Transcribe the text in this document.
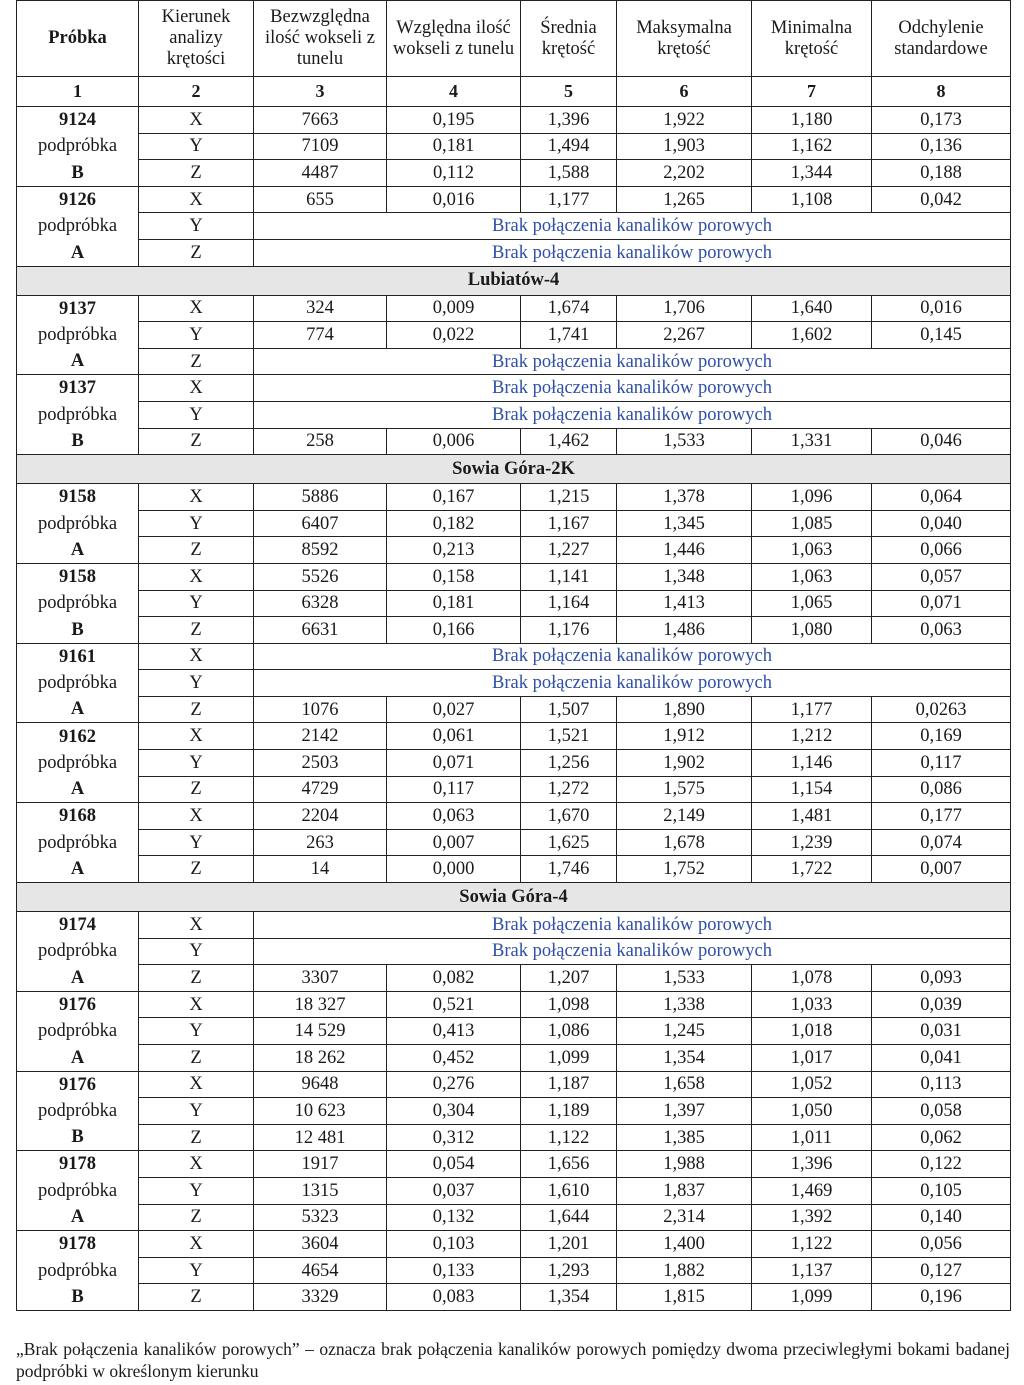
Próbka	Kierunek analizy krętości	Bezwzględna ilość wokseli z tunelu	Względna ilość wokseli z tunelu	Średnia krętość	Maksymalna krętość	Minimalna krętość	Odchylenie standardowe
1	2	3	4	5	6	7	8
9124	X	7663	0,195	1,396	1,922	1,180	0,173
podpróbka	Y	7109	0,181	1,494	1,903	1,162	0,136
B	Z	4487	0,112	1,588	2,202	1,344	0,188
9126	X	655	0,016	1,177	1,265	1,108	0,042
podpróbka	Y	Brak połączenia kanalików porowych					
A	Z	Brak połączenia kanalików porowych					
Lubiatów-4							
9137	X	324	0,009	1,674	1,706	1,640	0,016
podpróbka	Y	774	0,022	1,741	2,267	1,602	0,145
A	Z	Brak połączenia kanalików porowych					
9137	X	Brak połączenia kanalików porowych					
podpróbka	Y	Brak połączenia kanalików porowych					
B	Z	258	0,006	1,462	1,533	1,331	0,046
Sowia Góra-2K							
9158	X	5886	0,167	1,215	1,378	1,096	0,064
podpróbka	Y	6407	0,182	1,167	1,345	1,085	0,040
A	Z	8592	0,213	1,227	1,446	1,063	0,066
9158	X	5526	0,158	1,141	1,348	1,063	0,057
podpróbka	Y	6328	0,181	1,164	1,413	1,065	0,071
B	Z	6631	0,166	1,176	1,486	1,080	0,063
9161	X	Brak połączenia kanalików porowych					
podpróbka	Y	Brak połączenia kanalików porowych					
A	Z	1076	0,027	1,507	1,890	1,177	0,0263
9162	X	2142	0,061	1,521	1,912	1,212	0,169
podpróbka	Y	2503	0,071	1,256	1,902	1,146	0,117
A	Z	4729	0,117	1,272	1,575	1,154	0,086
9168	X	2204	0,063	1,670	2,149	1,481	0,177
podpróbka	Y	263	0,007	1,625	1,678	1,239	0,074
A	Z	14	0,000	1,746	1,752	1,722	0,007
Sowia Góra-4							
9174	X	Brak połączenia kanalików porowych					
podpróbka	Y	Brak połączenia kanalików porowych					
A	Z	3307	0,082	1,207	1,533	1,078	0,093
9176	X	18 327	0,521	1,098	1,338	1,033	0,039
podpróbka	Y	14 529	0,413	1,086	1,245	1,018	0,031
A	Z	18 262	0,452	1,099	1,354	1,017	0,041
9176	X	9648	0,276	1,187	1,658	1,052	0,113
podpróbka	Y	10 623	0,304	1,189	1,397	1,050	0,058
B	Z	12 481	0,312	1,122	1,385	1,011	0,062
9178	X	1917	0,054	1,656	1,988	1,396	0,122
podpróbka	Y	1315	0,037	1,610	1,837	1,469	0,105
A	Z	5323	0,132	1,644	2,314	1,392	0,140
9178	X	3604	0,103	1,201	1,400	1,122	0,056
podpróbka	Y	4654	0,133	1,293	1,882	1,137	0,127
B	Z	3329	0,083	1,354	1,815	1,099	0,196
„Brak połączenia kanalików porowych” – oznacza brak połączenia kanalików porowych pomiędzy dwoma przeciwległymi bokami badanej podpróbki w określonym kierunku
